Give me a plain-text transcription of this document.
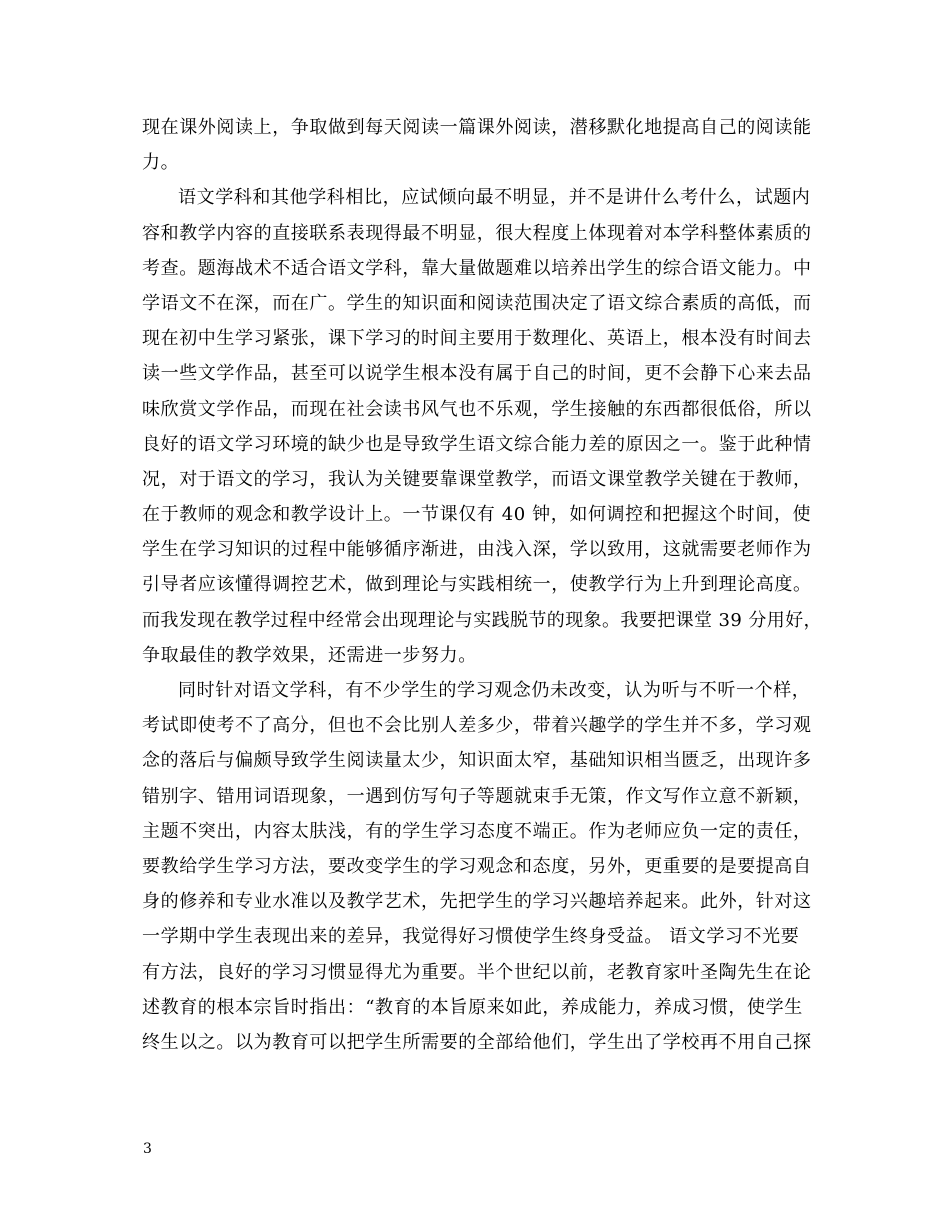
现在课外阅读上，争取做到每天阅读一篇课外阅读，潜移默化地提高自己的阅读能
力。
语文学科和其他学科相比，应试倾向最不明显，并不是讲什么考什么，试题内
容和教学内容的直接联系表现得最不明显，很大程度上体现着对本学科整体素质的
考查。题海战术不适合语文学科，靠大量做题难以培养出学生的综合语文能力。中
学语文不在深，而在广。学生的知识面和阅读范围决定了语文综合素质的高低，而
现在初中生学习紧张，课下学习的时间主要用于数理化、英语上，根本没有时间去
读一些文学作品，甚至可以说学生根本没有属于自己的时间，更不会静下心来去品
味欣赏文学作品，而现在社会读书风气也不乐观，学生接触的东西都很低俗，所以
良好的语文学习环境的缺少也是导致学生语文综合能力差的原因之一。鉴于此种情
况，对于语文的学习，我认为关键要靠课堂教学，而语文课堂教学关键在于教师，
在于教师的观念和教学设计上。一节课仅有 40 钟，如何调控和把握这个时间，使
学生在学习知识的过程中能够循序渐进，由浅入深，学以致用，这就需要老师作为
引导者应该懂得调控艺术，做到理论与实践相统一，使教学行为上升到理论高度。
而我发现在教学过程中经常会出现理论与实践脱节的现象。我要把课堂 39 分用好，
争取最佳的教学效果，还需进一步努力。
同时针对语文学科，有不少学生的学习观念仍未改变，认为听与不听一个样，
考试即使考不了高分，但也不会比别人差多少，带着兴趣学的学生并不多，学习观
念的落后与偏颇导致学生阅读量太少，知识面太窄，基础知识相当匮乏，出现许多
错别字、错用词语现象，一遇到仿写句子等题就束手无策，作文写作立意不新颖，
主题不突出，内容太肤浅，有的学生学习态度不端正。作为老师应负一定的责任，
要教给学生学习方法，要改变学生的学习观念和态度，另外，更重要的是要提高自
身的修养和专业水准以及教学艺术，先把学生的学习兴趣培养起来。此外，针对这
一学期中学生表现出来的差异，我觉得好习惯使学生终身受益。 语文学习不光要
有方法，良好的学习习惯显得尤为重要。半个世纪以前，老教育家叶圣陶先生在论
述教育的根本宗旨时指出：“教育的本旨原来如此，养成能力，养成习惯，使学生
终生以之。以为教育可以把学生所需要的全部给他们，学生出了学校再不用自己探
3
